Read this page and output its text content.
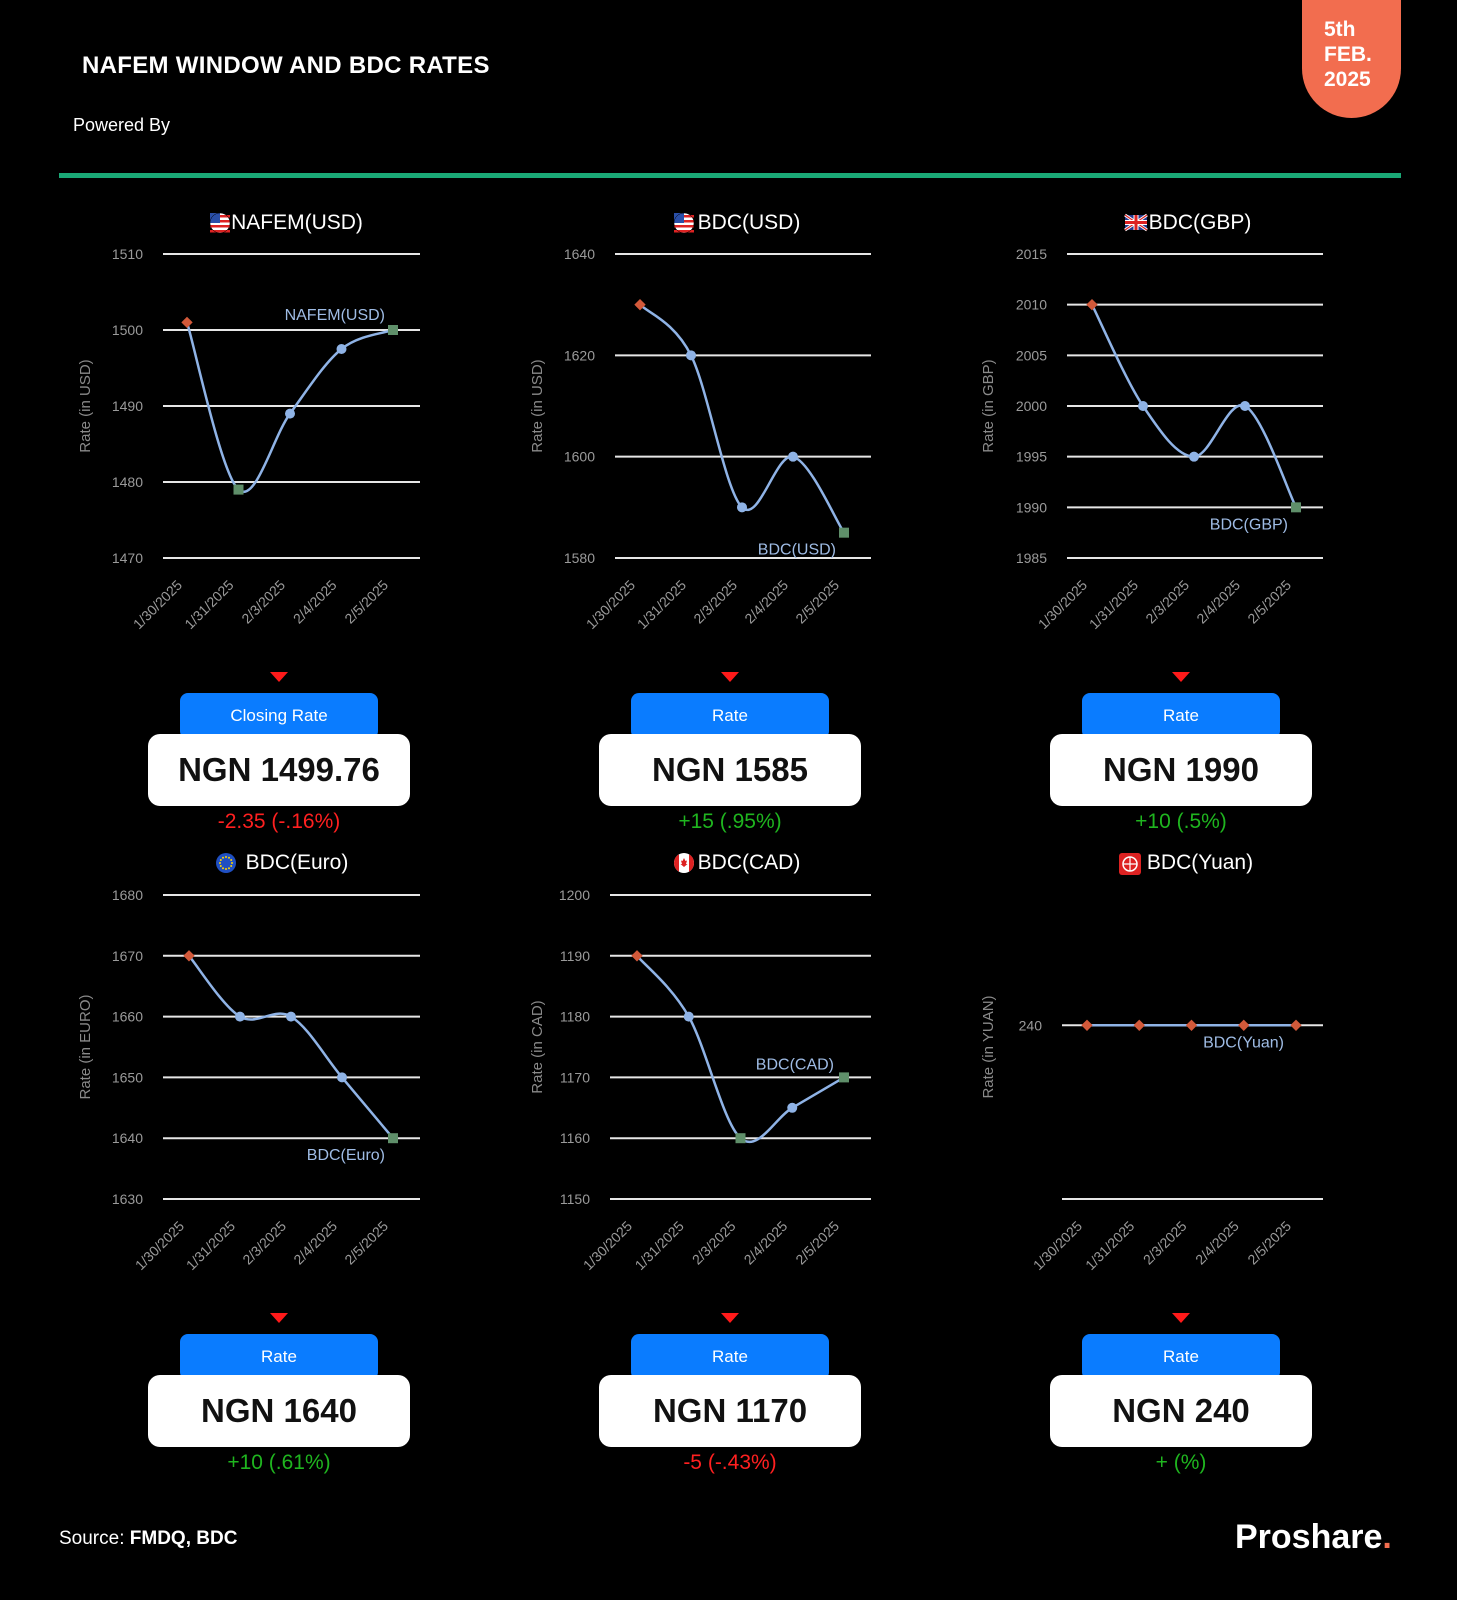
NAFEM WINDOW AND BDC RATES
Powered By
5th
FEB.
2025
NAFEM(USD)
1470
1480
1490
1500
1510
Rate (in USD)
1/30/2025
1/31/2025 2/3/2025 2/4/2025 2/5/2025
NAFEM(USD)
BDC(USD)
1580
1600
1620
1640
Rate (in USD)
1/30/2025
1/31/2025 2/3/2025 2/4/2025 2/5/2025
BDC(USD)
BDC(GBP)
1985
1990
1995
2000
2005
2010
2015
Rate (in GBP)
1/30/2025
1/31/2025 2/3/2025 2/4/2025 2/5/2025
BDC(GBP)
BDC(Euro)
1630
1640
1650
1660
1670
1680
Rate (in EURO)
1/30/2025
1/31/2025 2/3/2025 2/4/2025 2/5/2025
BDC(Euro)
BDC(CAD)
1150
1160
1170
1180
1190
1200
Rate (in CAD)
1/30/2025
1/31/2025 2/3/2025 2/4/2025 2/5/2025
BDC(CAD)
BDC(Yuan)
240
Rate (in YUAN)
1/30/2025
1/31/2025 2/3/2025 2/4/2025 2/5/2025
BDC(Yuan)
Closing Rate
NGN 1499.76
-2.35 (-.16%)
Rate
NGN 1585
+15 (.95%)
Rate
NGN 1990
+10 (.5%)
Rate
NGN 1640
+10 (.61%)
Rate
NGN 1170
-5 (-.43%)
Rate
NGN 240
+ (%)
Source: FMDQ, BDC	Proshare.
